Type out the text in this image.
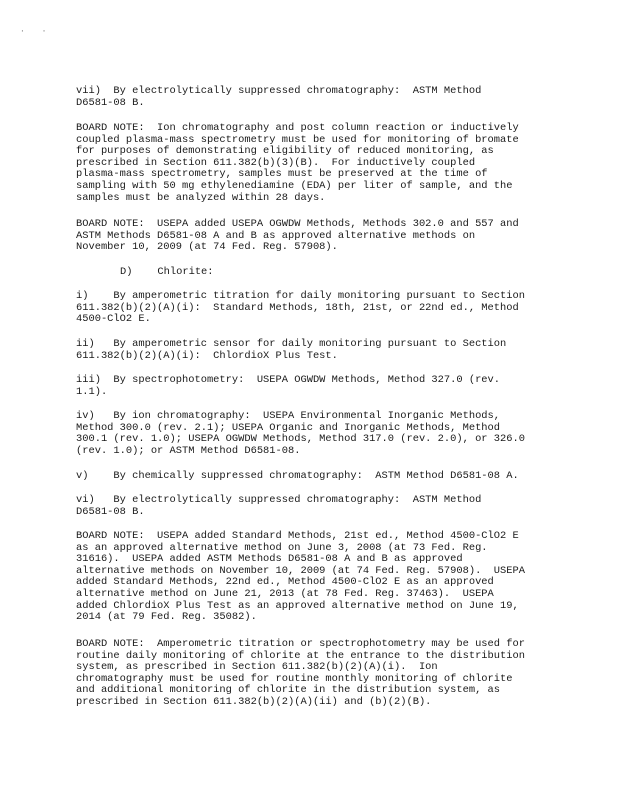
· ·

vii)  By electrolytically suppressed chromatography:  ASTM Method
D6581-08 B.

BOARD NOTE:  Ion chromatography and post column reaction or inductively
coupled plasma-mass spectrometry must be used for monitoring of bromate
for purposes of demonstrating eligibility of reduced monitoring, as
prescribed in Section 611.382(b)(3)(B).  For inductively coupled
plasma-mass spectrometry, samples must be preserved at the time of
sampling with 50 mg ethylenediamine (EDA) per liter of sample, and the
samples must be analyzed within 28 days.

BOARD NOTE:  USEPA added USEPA OGWDW Methods, Methods 302.0 and 557 and
ASTM Methods D6581-08 A and B as approved alternative methods on
November 10, 2009 (at 74 Fed. Reg. 57908).

D)    Chlorite:

i)    By amperometric titration for daily monitoring pursuant to Section
611.382(b)(2)(A)(i):  Standard Methods, 18th, 21st, or 22nd ed., Method
4500-ClO2 E.

ii)   By amperometric sensor for daily monitoring pursuant to Section
611.382(b)(2)(A)(i):  ChlordioX Plus Test.

iii)  By spectrophotometry:  USEPA OGWDW Methods, Method 327.0 (rev.
1.1).

iv)   By ion chromatography:  USEPA Environmental Inorganic Methods,
Method 300.0 (rev. 2.1); USEPA Organic and Inorganic Methods, Method
300.1 (rev. 1.0); USEPA OGWDW Methods, Method 317.0 (rev. 2.0), or 326.0
(rev. 1.0); or ASTM Method D6581-08.

v)    By chemically suppressed chromatography:  ASTM Method D6581-08 A.

vi)   By electrolytically suppressed chromatography:  ASTM Method
D6581-08 B.

BOARD NOTE:  USEPA added Standard Methods, 21st ed., Method 4500-ClO2 E
as an approved alternative method on June 3, 2008 (at 73 Fed. Reg.
31616).  USEPA added ASTM Methods D6581-08 A and B as approved
alternative methods on November 10, 2009 (at 74 Fed. Reg. 57908).  USEPA
added Standard Methods, 22nd ed., Method 4500-ClO2 E as an approved
alternative method on June 21, 2013 (at 78 Fed. Reg. 37463).  USEPA
added ChlordioX Plus Test as an approved alternative method on June 19,
2014 (at 79 Fed. Reg. 35082).

BOARD NOTE:  Amperometric titration or spectrophotometry may be used for
routine daily monitoring of chlorite at the entrance to the distribution
system, as prescribed in Section 611.382(b)(2)(A)(i).  Ion
chromatography must be used for routine monthly monitoring of chlorite
and additional monitoring of chlorite in the distribution system, as
prescribed in Section 611.382(b)(2)(A)(ii) and (b)(2)(B).
